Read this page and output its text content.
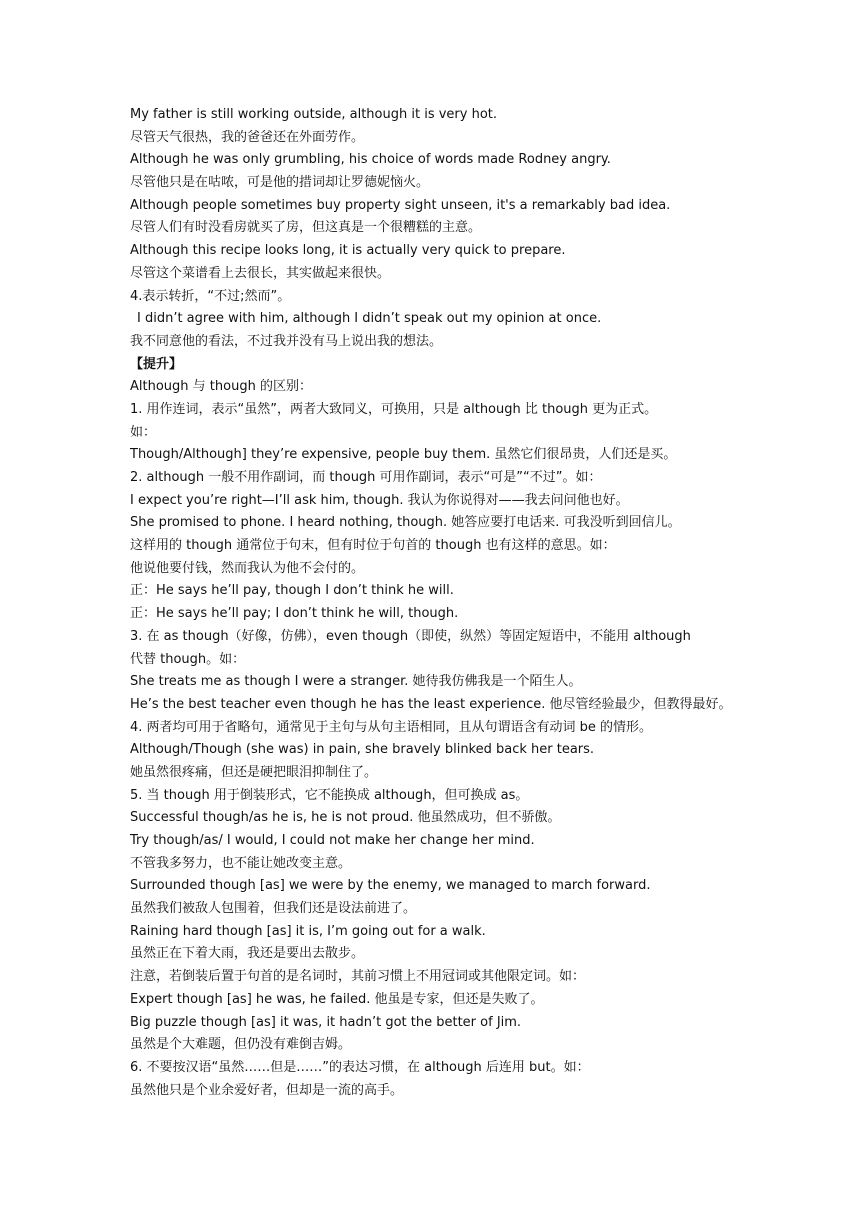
My father is still working outside, although it is very hot.
尽管天气很热，我的爸爸还在外面劳作。
Although he was only grumbling, his choice of words made Rodney angry.
尽管他只是在咕哝，可是他的措词却让罗德妮恼火。
Although people sometimes buy property sight unseen, it's a remarkably bad idea.
尽管人们有时没看房就买了房，但这真是一个很糟糕的主意。
Although this recipe looks long, it is actually very quick to prepare.
尽管这个菜谱看上去很长，其实做起来很快。
4.表示转折，“不过;然而”。
I didn’t agree with him, although I didn’t speak out my opinion at once.
我不同意他的看法，不过我并没有马上说出我的想法。
【提升】
Although 与 though 的区别：
1. 用作连词，表示“虽然”，两者大致同义，可换用，只是 although 比 though 更为正式。
如：
Though/Although] they’re expensive, people buy them. 虽然它们很昂贵，人们还是买。
2. although 一般不用作副词，而 though 可用作副词，表示“可是”“不过”。如：
I expect you’re right—I’ll ask him, though. 我认为你说得对——我去问问他也好。
She promised to phone. I heard nothing, though. 她答应要打电话来. 可我没听到回信儿。
这样用的 though 通常位于句末，但有时位于句首的 though 也有这样的意思。如：
他说他要付钱，然而我认为他不会付的。
正：He says he’ll pay, though I don’t think he will.
正：He says he’ll pay; I don’t think he will, though.
3. 在 as though（好像，仿佛），even though（即使，纵然）等固定短语中，不能用 although
代替 though。如：
She treats me as though I were a stranger. 她待我仿佛我是一个陌生人。
He’s the best teacher even though he has the least experience. 他尽管经验最少，但教得最好。
4. 两者均可用于省略句，通常见于主句与从句主语相同，且从句谓语含有动词 be 的情形。
Although/Though (she was) in pain, she bravely blinked back her tears.
她虽然很疼痛，但还是硬把眼泪抑制住了。
5. 当 though 用于倒装形式，它不能换成 although，但可换成 as。
Successful though/as he is, he is not proud. 他虽然成功，但不骄傲。
Try though/as/ I would, I could not make her change her mind.
不管我多努力，也不能让她改变主意。
Surrounded though [as] we were by the enemy, we managed to march forward.
虽然我们被敌人包围着，但我们还是设法前进了。
Raining hard though [as] it is, I’m going out for a walk.
虽然正在下着大雨，我还是要出去散步。
注意，若倒装后置于句首的是名词时，其前习惯上不用冠词或其他限定词。如：
Expert though [as] he was, he failed. 他虽是专家，但还是失败了。
Big puzzle though [as] it was, it hadn’t got the better of Jim.
虽然是个大难题，但仍没有难倒吉姆。
6. 不要按汉语“虽然……但是……”的表达习惯，在 although 后连用 but。如：
虽然他只是个业余爱好者，但却是一流的高手。
